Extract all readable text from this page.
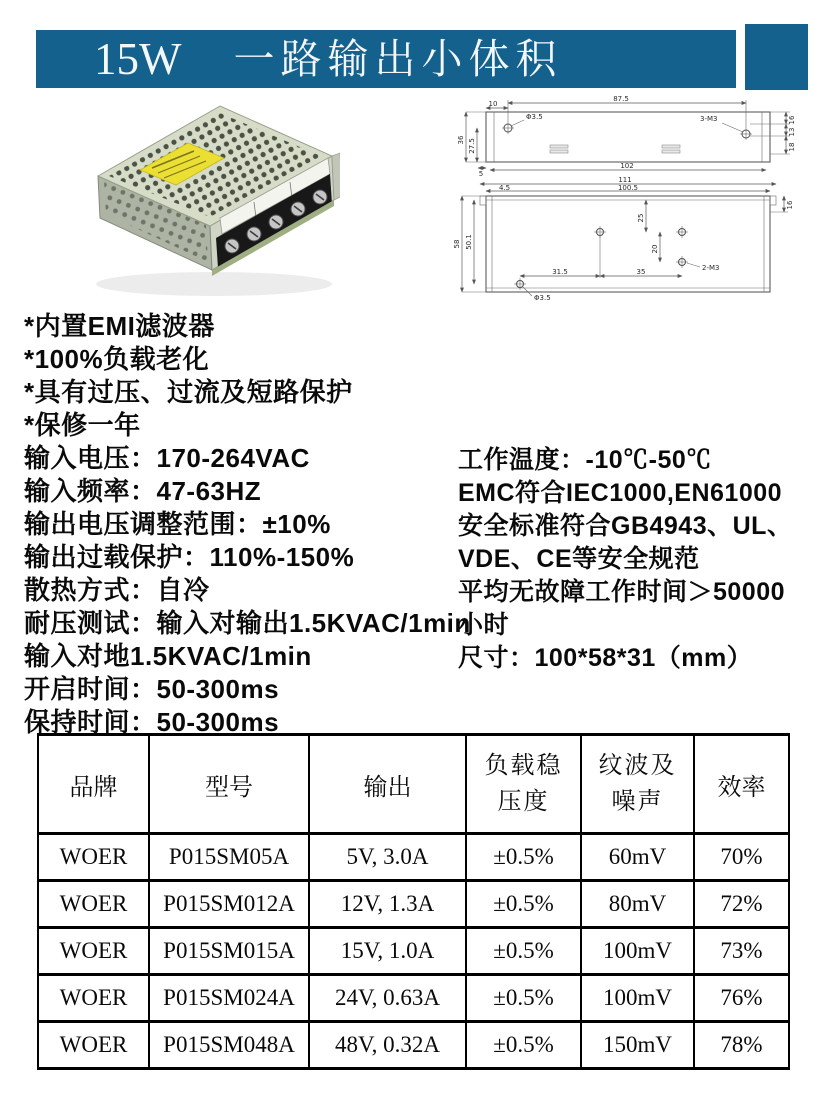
15W 一路输出小体积
87.5
10
36 27.5
Φ3.5	3-M3	16
13
18
5
102
111
100.5
4.5
58 50.1
16
25
20
31.5	35	2-M3
Φ3.5
*内置EMI滤波器
*100%负载老化
*具有过压、过流及短路保护
*保修一年
输入电压：170-264VAC
输入频率：47-63HZ
输出电压调整范围：±10%
输出过载保护：110%-150%
散热方式：自冷
耐压测试：输入对输出1.5KVAC/1min
输入对地1.5KVAC/1min
开启时间：50-300ms
保持时间：50-300ms
工作温度：-10℃-50℃
EMC符合IEC1000,EN61000
安全标准符合GB4943、UL、
VDE、CE等安全规范
平均无故障工作时间＞50000
小时
尺寸：100*58*31（mm）
品牌	型号	输出	负载稳压度	纹波及噪声	效率
WOER	P015SM05A	5V, 3.0A	±0.5%	60mV	70%
WOER	P015SM012A	12V, 1.3A	±0.5%	80mV	72%
WOER	P015SM015A	15V, 1.0A	±0.5%	100mV	73%
WOER	P015SM024A	24V, 0.63A	±0.5%	100mV	76%
WOER	P015SM048A	48V, 0.32A	±0.5%	150mV	78%
